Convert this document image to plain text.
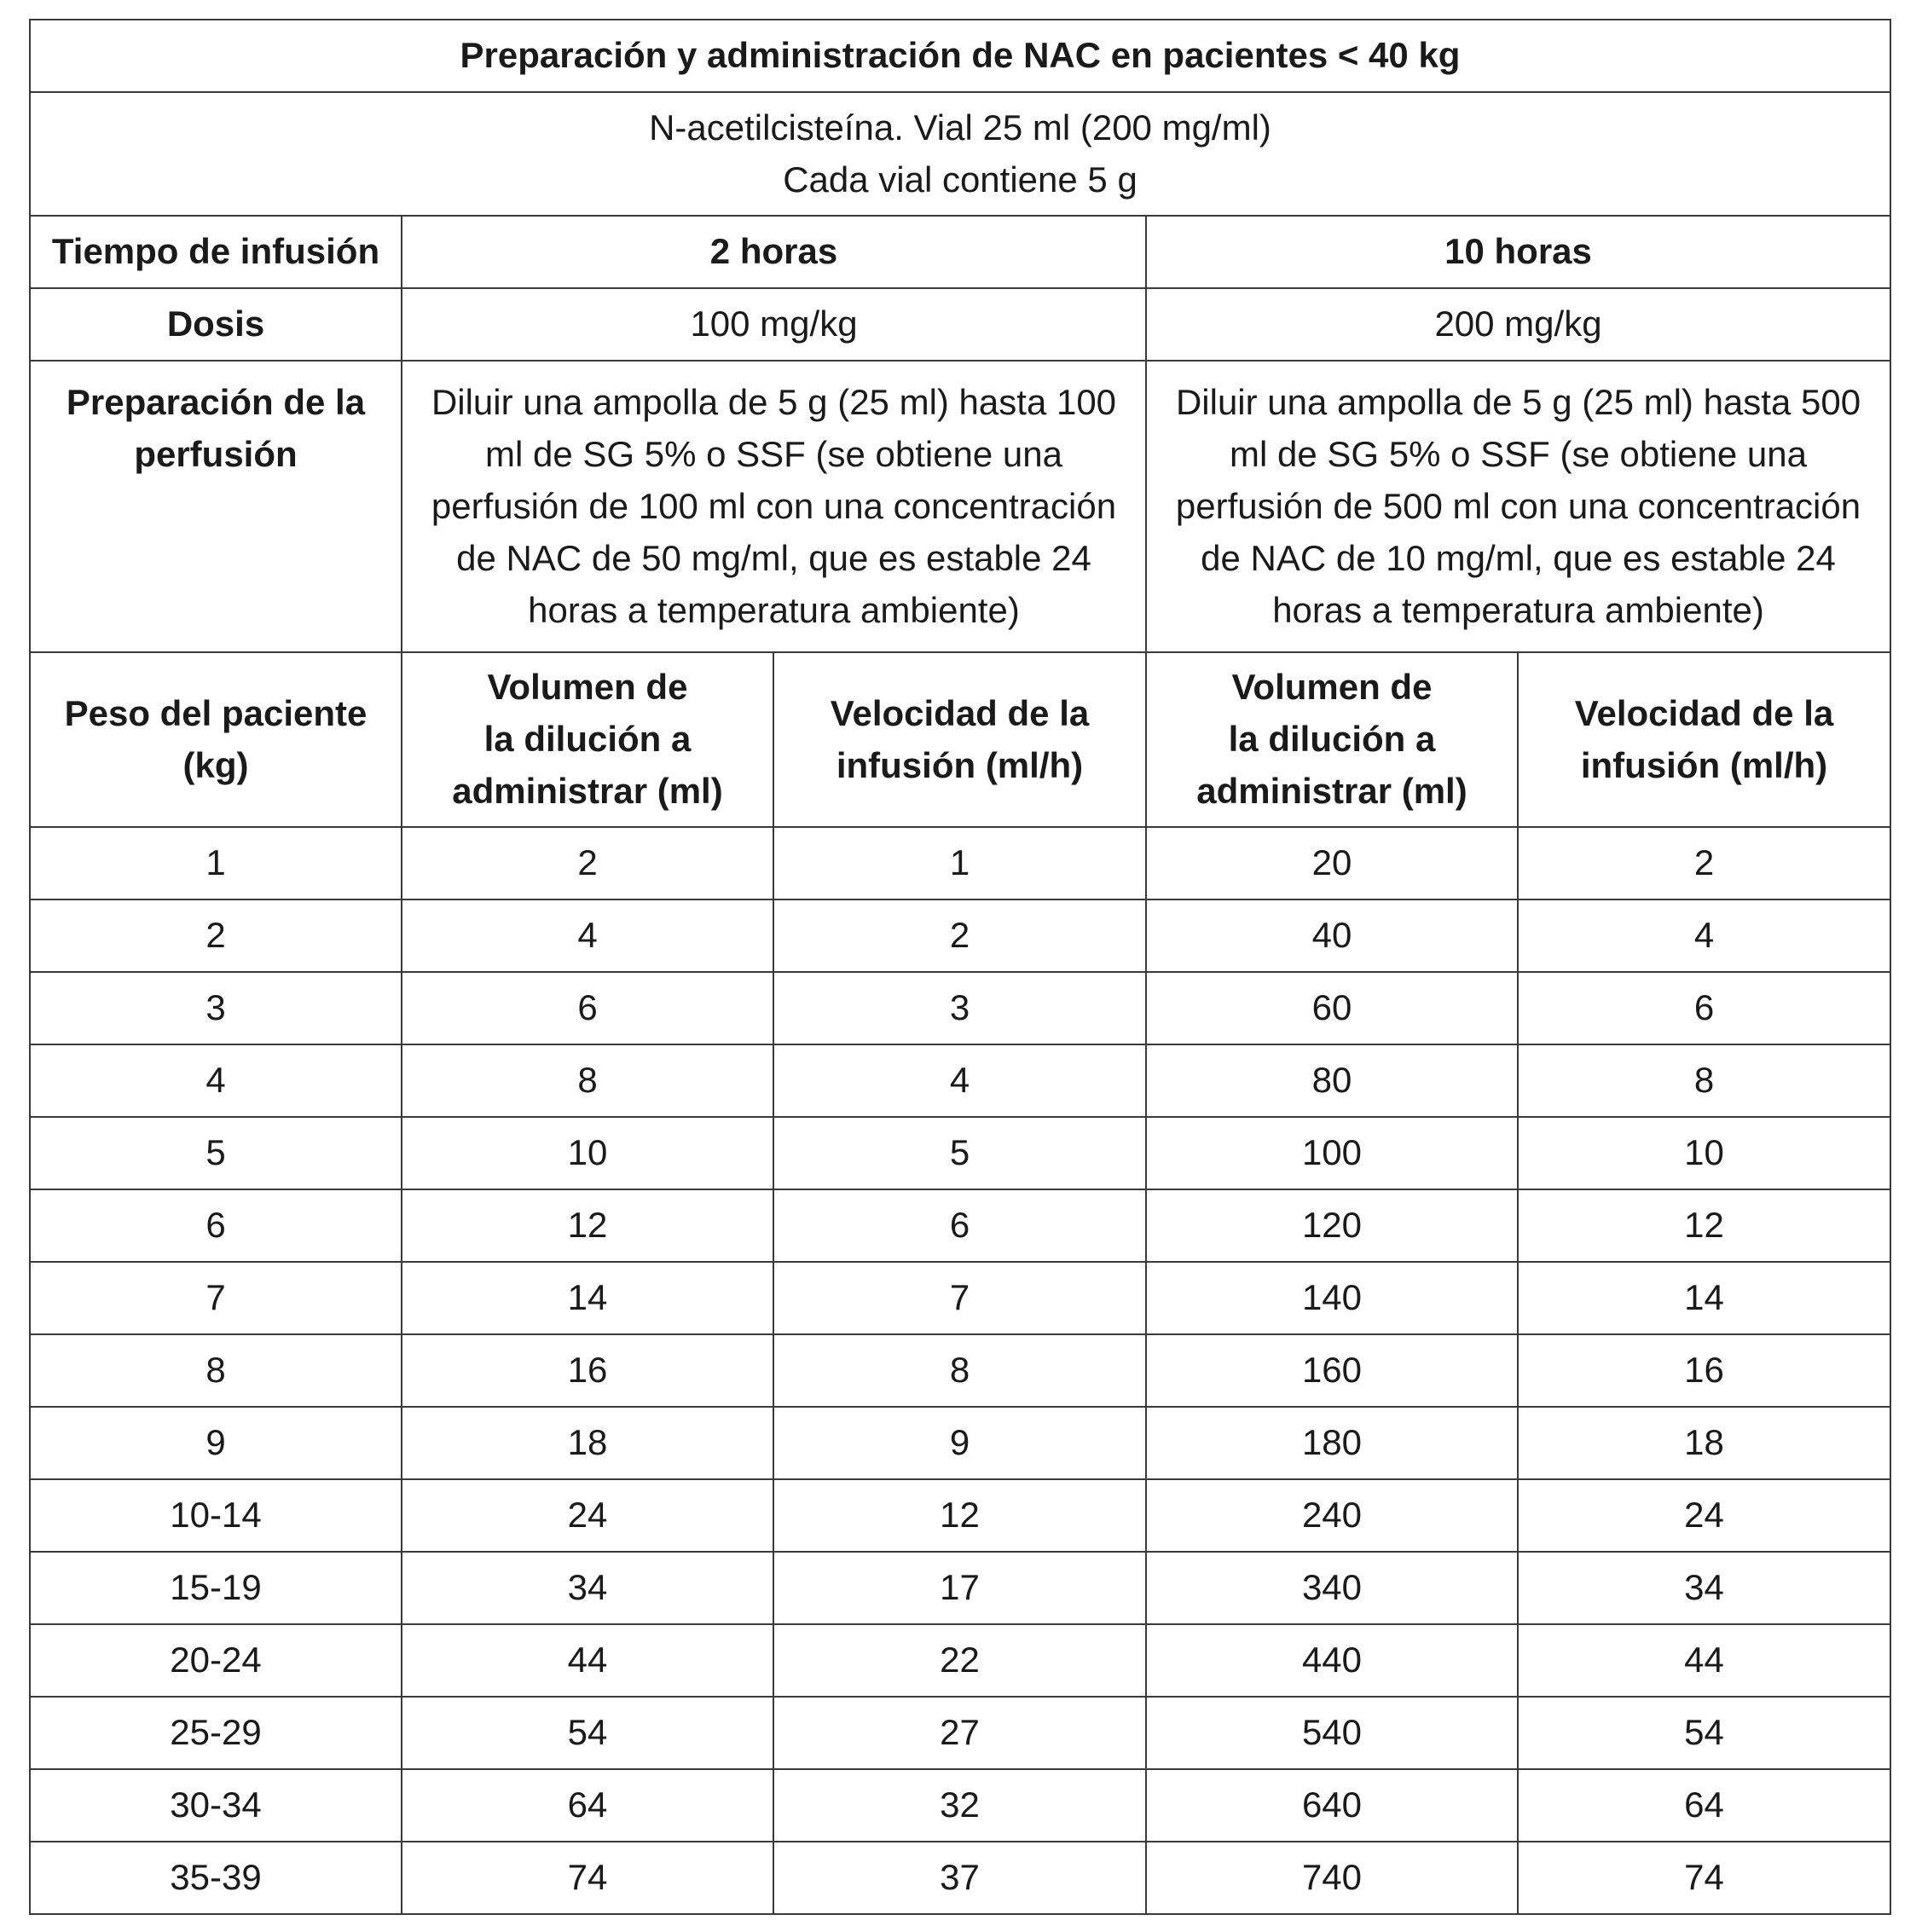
Preparación y administración de NAC en pacientes < 40 kg				

N-acetilcisteína. Vial 25 ml (200 mg/ml)
Cada vial contiene 5 g				

Tiempo de infusión	2 horas		10 horas	
Dosis	100 mg/kg		200 mg/kg	

Preparación de la
perfusión	Diluir una ampolla de 5 g (25 ml) hasta 100 ml de SG 5% o SSF (se obtiene una perfusión de 100 ml con una concentración de NAC de 50 mg/ml, que es estable 24 horas a temperatura ambiente)		Diluir una ampolla de 5 g (25 ml) hasta 500 ml de SG 5% o SSF (se obtiene una perfusión de 500 ml con una concentración de NAC de 10 mg/ml, que es estable 24 horas a temperatura ambiente)	

Peso del paciente
(kg)	Volumen de
la dilución a
administrar (ml)	Velocidad de la
infusión (ml/h)	Volumen de
la dilución a
administrar (ml)	Velocidad de la
infusión (ml/h)

1	2	1	20	2
2	4	2	40	4
3	6	3	60	6
4	8	4	80	8
5	10	5	100	10
6	12	6	120	12
7	14	7	140	14
8	16	8	160	16
9	18	9	180	18
10-14	24	12	240	24
15-19	34	17	340	34
20-24	44	22	440	44
25-29	54	27	540	54
30-34	64	32	640	64
35-39	74	37	740	74
